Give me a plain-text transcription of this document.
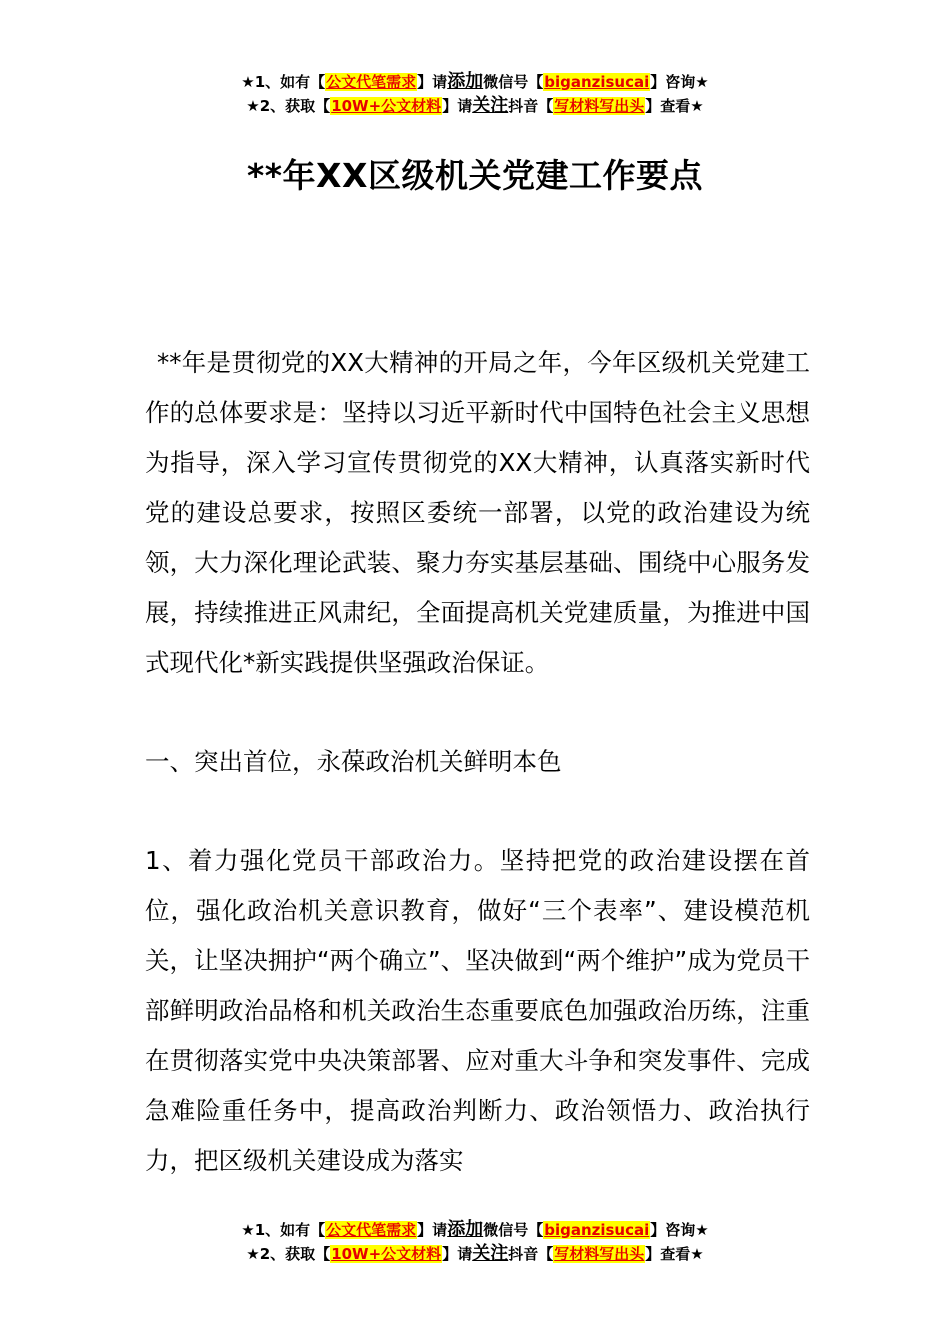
★1、如有【公文代笔需求】请添加微信号【biganzisucai】咨询★
★2、获取【10W+公文材料】请关注抖音【写材料写出头】查看★
**年XX区级机关党建工作要点

**年是贯彻党的XX大精神的开局之年，今年区级机关党建工作的总体要求是：坚持以习近平新时代中国特色社会主义思想为指导，深入学习宣传贯彻党的XX大精神，认真落实新时代党的建设总要求，按照区委统一部署，以党的政治建设为统领，大力深化理论武装、聚力夯实基层基础、围绕中心服务发展，持续推进正风肃纪，全面提高机关党建质量，为推进中国式现代化*新实践提供坚强政治保证。

一、突出首位，永葆政治机关鲜明本色

1、着力强化党员干部政治力。坚持把党的政治建设摆在首位，强化政治机关意识教育，做好“三个表率”、建设模范机关，让坚决拥护“两个确立”、坚决做到“两个维护”成为党员干部鲜明政治品格和机关政治生态重要底色加强政治历练，注重在贯彻落实党中央决策部署、应对重大斗争和突发事件、完成急难险重任务中，提高政治判断力、政治领悟力、政治执行力，把区级机关建设成为落实

★1、如有【公文代笔需求】请添加微信号【biganzisucai】咨询★
★2、获取【10W+公文材料】请关注抖音【写材料写出头】查看★
